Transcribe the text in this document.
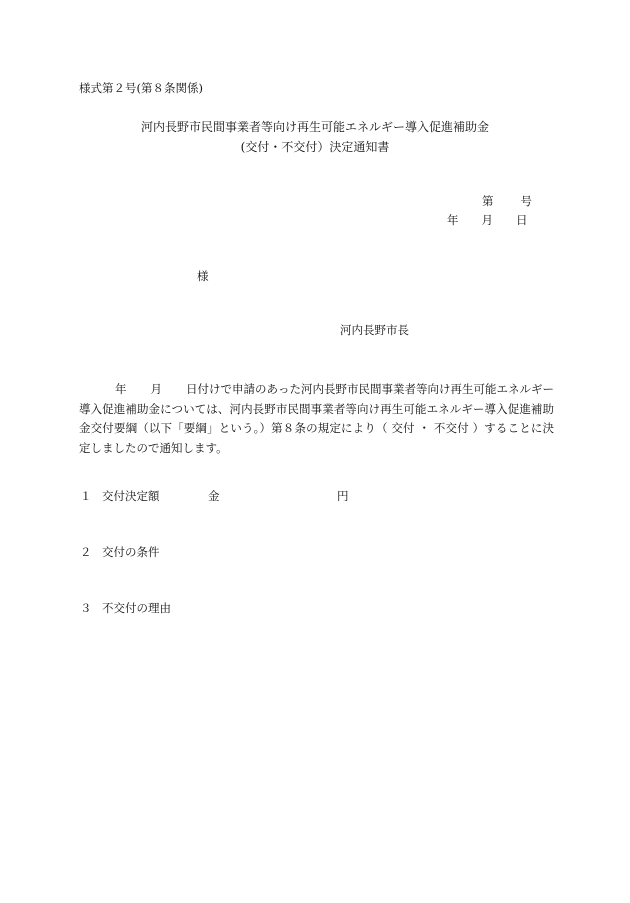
様式第２号(第８条関係)
河内長野市民間事業者等向け再生可能エネルギー導入促進補助金
(交付・不交付）決定通知書
第 号
年 月 日
様
河内長野市長
年 月 日付けで申請のあった河内長野市民間事業者等向け再生可能エネルギー導入促進補助金については、河内長野市民間事業者等向け再生可能エネルギー導入促進補助金交付要綱（以下「要綱」という。）第８条の規定により（ 交付 ・ 不交付 ）することに決定しましたので通知します。
１ 交付決定額	金	円
２ 交付の条件
３ 不交付の理由
